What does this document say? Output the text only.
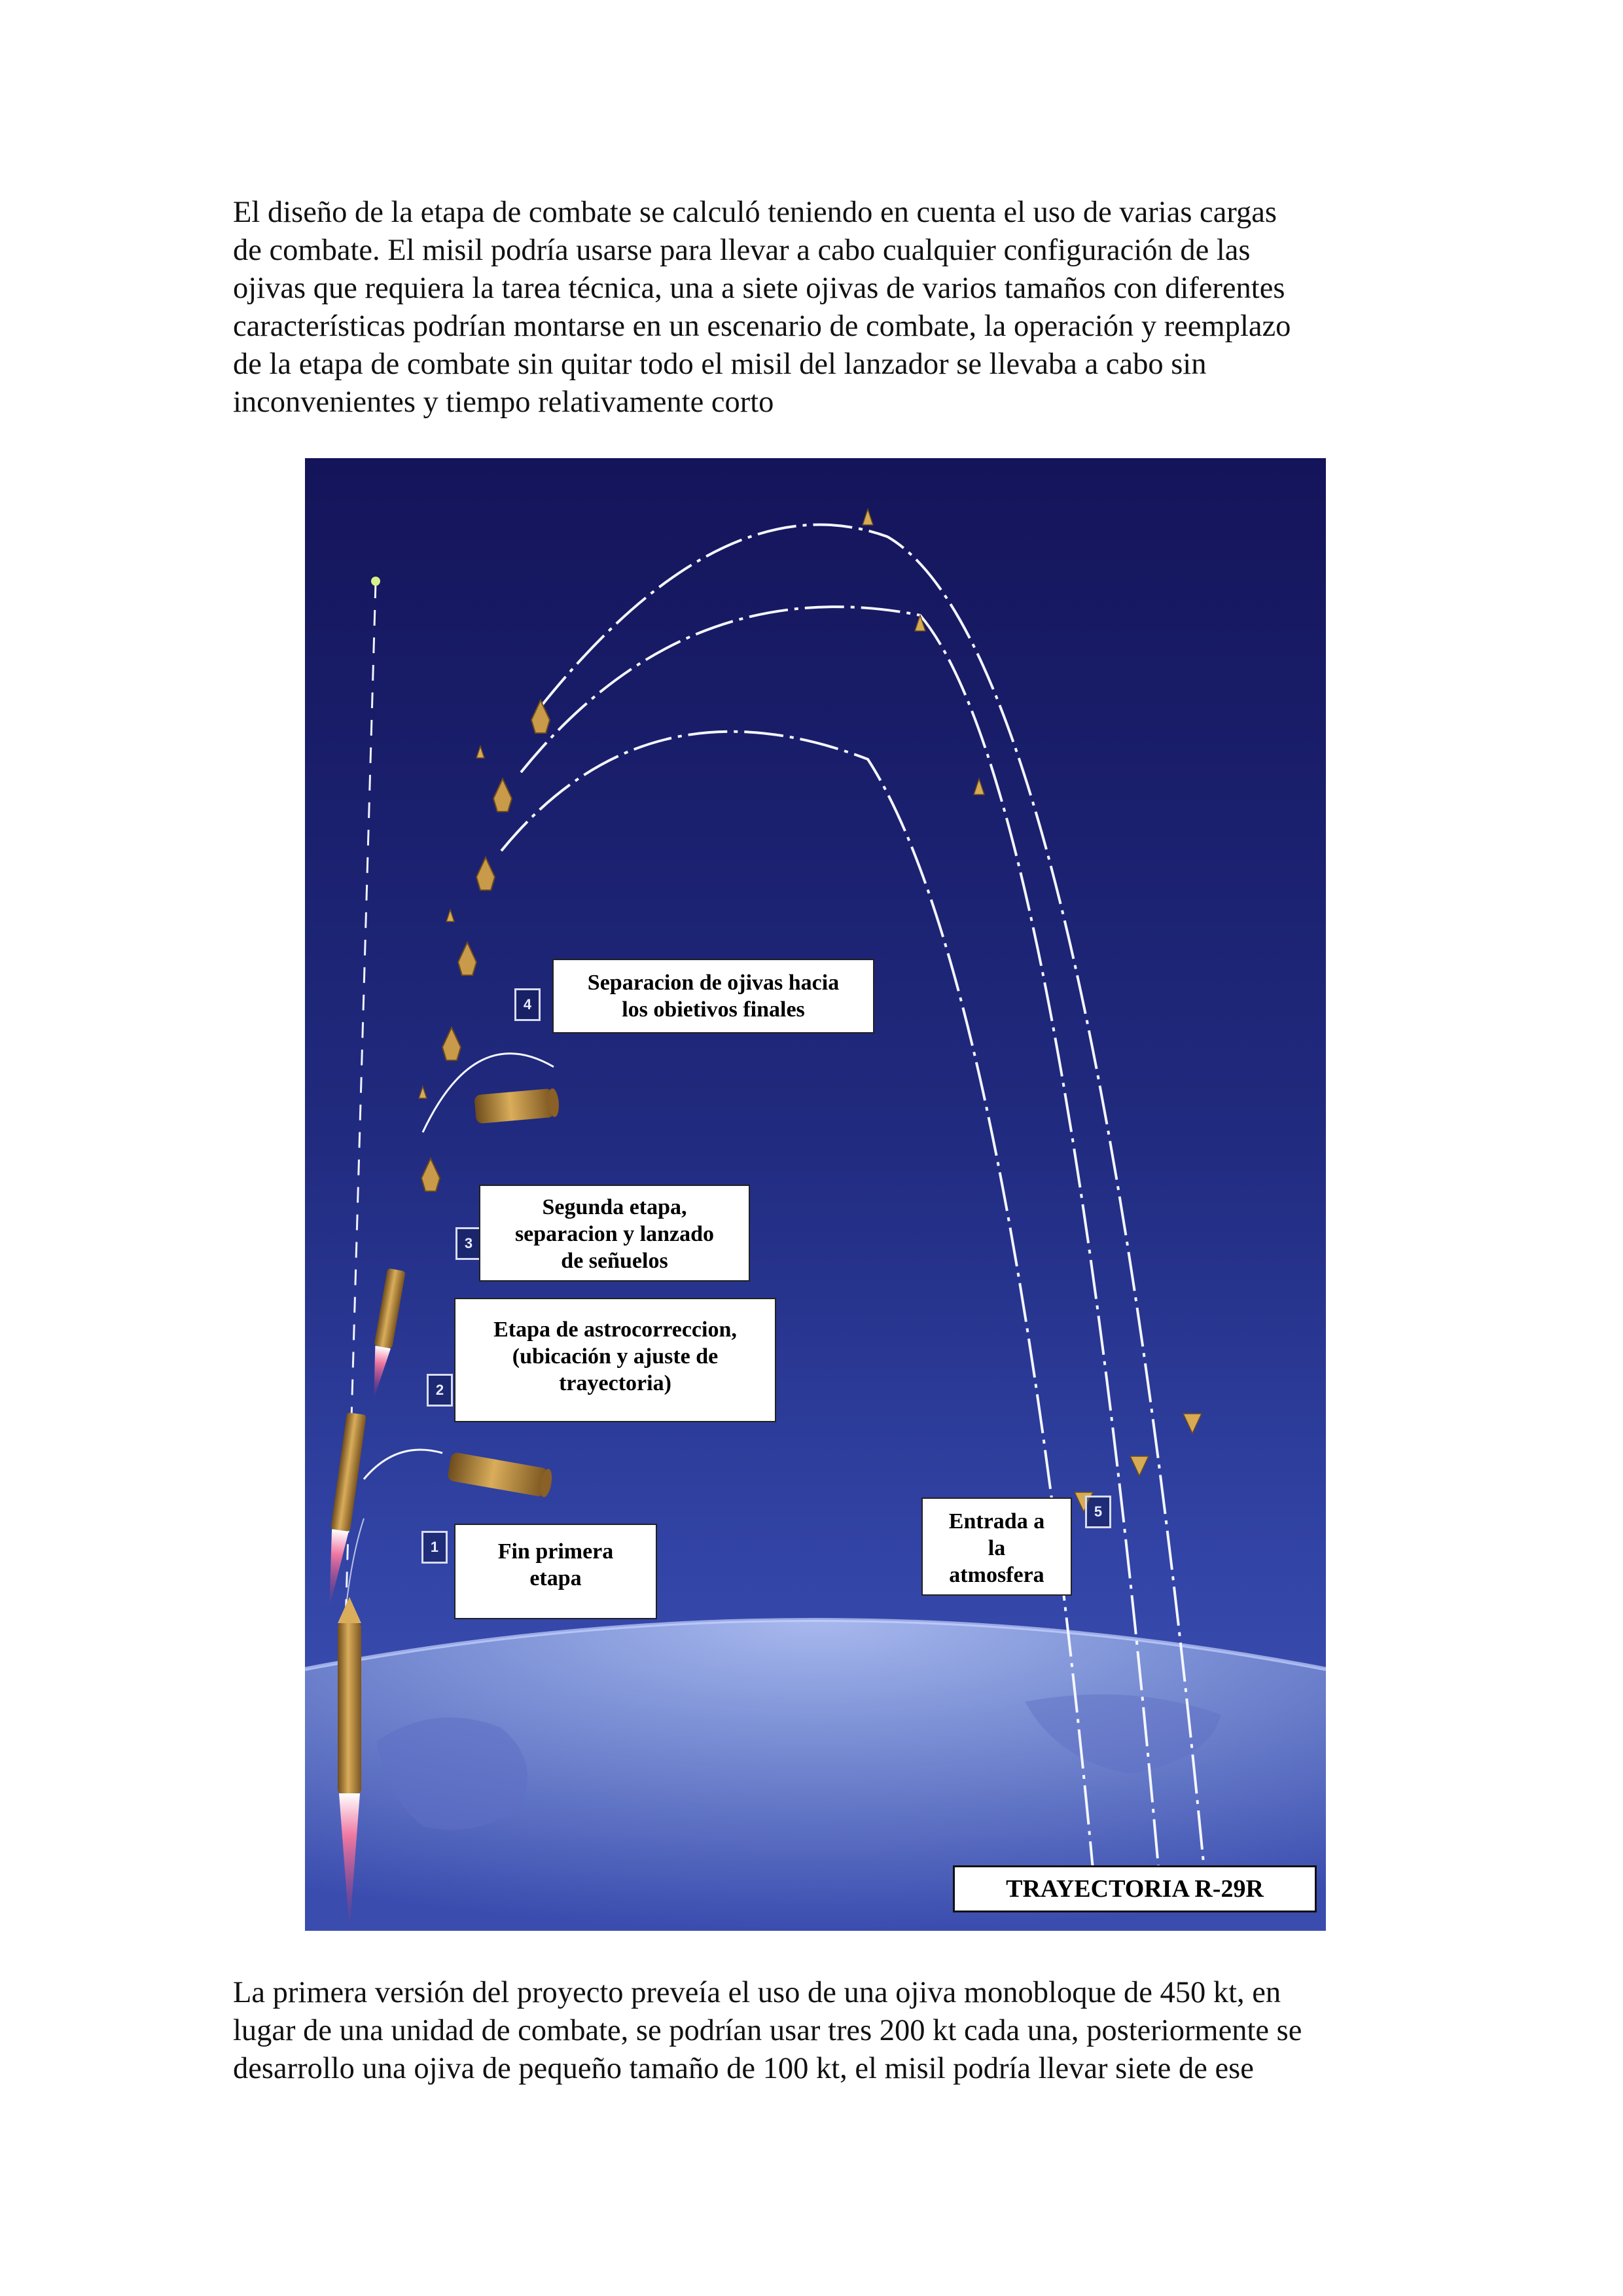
El diseño de la etapa de combate se calculó teniendo en cuenta el uso de varias cargas
de combate. El misil podría usarse para llevar a cabo cualquier configuración de las
ojivas que requiera la tarea técnica, una a siete ojivas de varios tamaños con diferentes
características podrían montarse en un escenario de combate, la operación y reemplazo
de la etapa de combate sin quitar todo el misil del lanzador se llevaba a cabo sin
inconvenientes y tiempo relativamente corto

1
2
3
4
5
Separacion de ojivas hacia
los obietivos finales
Segunda etapa,
separacion y lanzado
de señuelos
Etapa de astrocorreccion,
(ubicación y ajuste de
trayectoria)
Fin primera
etapa
Entrada a
la
atmosfera
TRAYECTORIA R-29R

La primera versión del proyecto preveía el uso de una ojiva monobloque de 450 kt, en
lugar de una unidad de combate, se podrían usar tres 200 kt cada una, posteriormente se
desarrollo una ojiva de pequeño tamaño de 100 kt, el misil podría llevar siete de ese
